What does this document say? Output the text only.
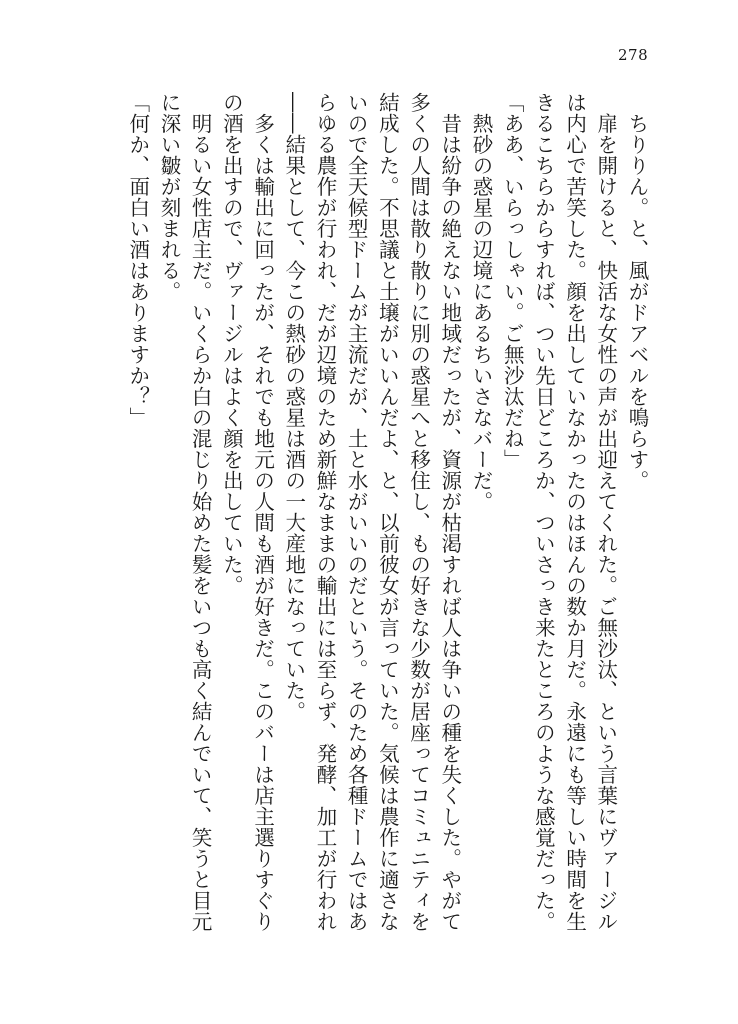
278

ちりりん。と、風がドアベルを鳴らす。

扉を開けると、快活な女性の声が出迎えてくれた。ご無沙汰、という言葉にヴァージルは内心で苦笑した。顔を出していなかったのはほんの数か月だ。永遠にも等しい時間を生きるこちらからすれば、つい先日どころか、ついさっき来たところのような感覚だった。

「ああ、いらっしゃい。ご無沙汰だね」

熱砂の惑星の辺境にあるちいさなバーだ。

昔は紛争の絶えない地域だったが、資源が枯渇すれば人は争いの種を失くした。やがて多くの人間は散り散りに別の惑星へと移住し、もの好きな少数が居座ってコミュニティを結成した。不思議と土壌がいいんだよ、と、以前彼女が言っていた。気候は農作に適さないので全天候型ドームが主流だが、土と水がいいのだという。そのため各種ドームではあらゆる農作が行われ、だが辺境のため新鮮なままの輸出には至らず、発酵、加工が行われ――結果として、今この熱砂の惑星は酒の一大産地になっていた。

多くは輸出に回ったが、それでも地元の人間も酒が好きだ。このバーは店主選りすぐりの酒を出すので、ヴァージルはよく顔を出していた。

明るい女性店主だ。いくらか白の混じり始めた髪をいつも高く結んでいて、笑うと目元に深い皺が刻まれる。

「何か、面白い酒はありますか？」
